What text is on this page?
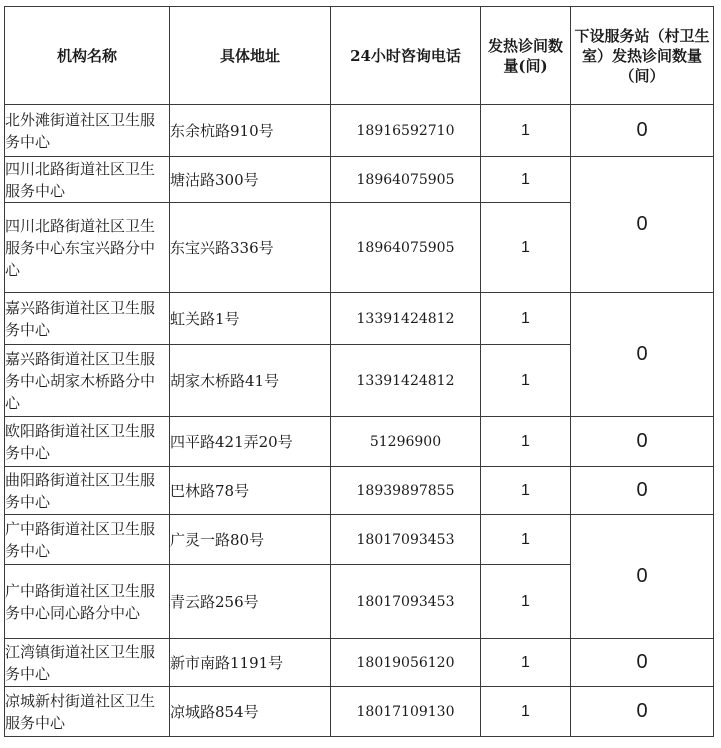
机构名称	具体地址	24小时咨询电话	发热诊间数量(间)	下设服务站（村卫生室）发热诊间数量（间）
北外滩街道社区卫生服务中心	东余杭路910号	18916592710	1	0
四川北路街道社区卫生服务中心	塘沽路300号	18964075905	1	0
四川北路街道社区卫生服务中心东宝兴路分中心	东宝兴路336号	18964075905	1	
嘉兴路街道社区卫生服务中心	虹关路1号	13391424812	1	0
嘉兴路街道社区卫生服务中心胡家木桥路分中心	胡家木桥路41号	13391424812	1	
欧阳路街道社区卫生服务中心	四平路421弄20号	51296900	1	0
曲阳路街道社区卫生服务中心	巴林路78号	18939897855	1	0
广中路街道社区卫生服务中心	广灵一路80号	18017093453	1	0
广中路街道社区卫生服务中心同心路分中心	青云路256号	18017093453	1	
江湾镇街道社区卫生服务中心	新市南路1191号	18019056120	1	0
凉城新村街道社区卫生服务中心	凉城路854号	18017109130	1	0
